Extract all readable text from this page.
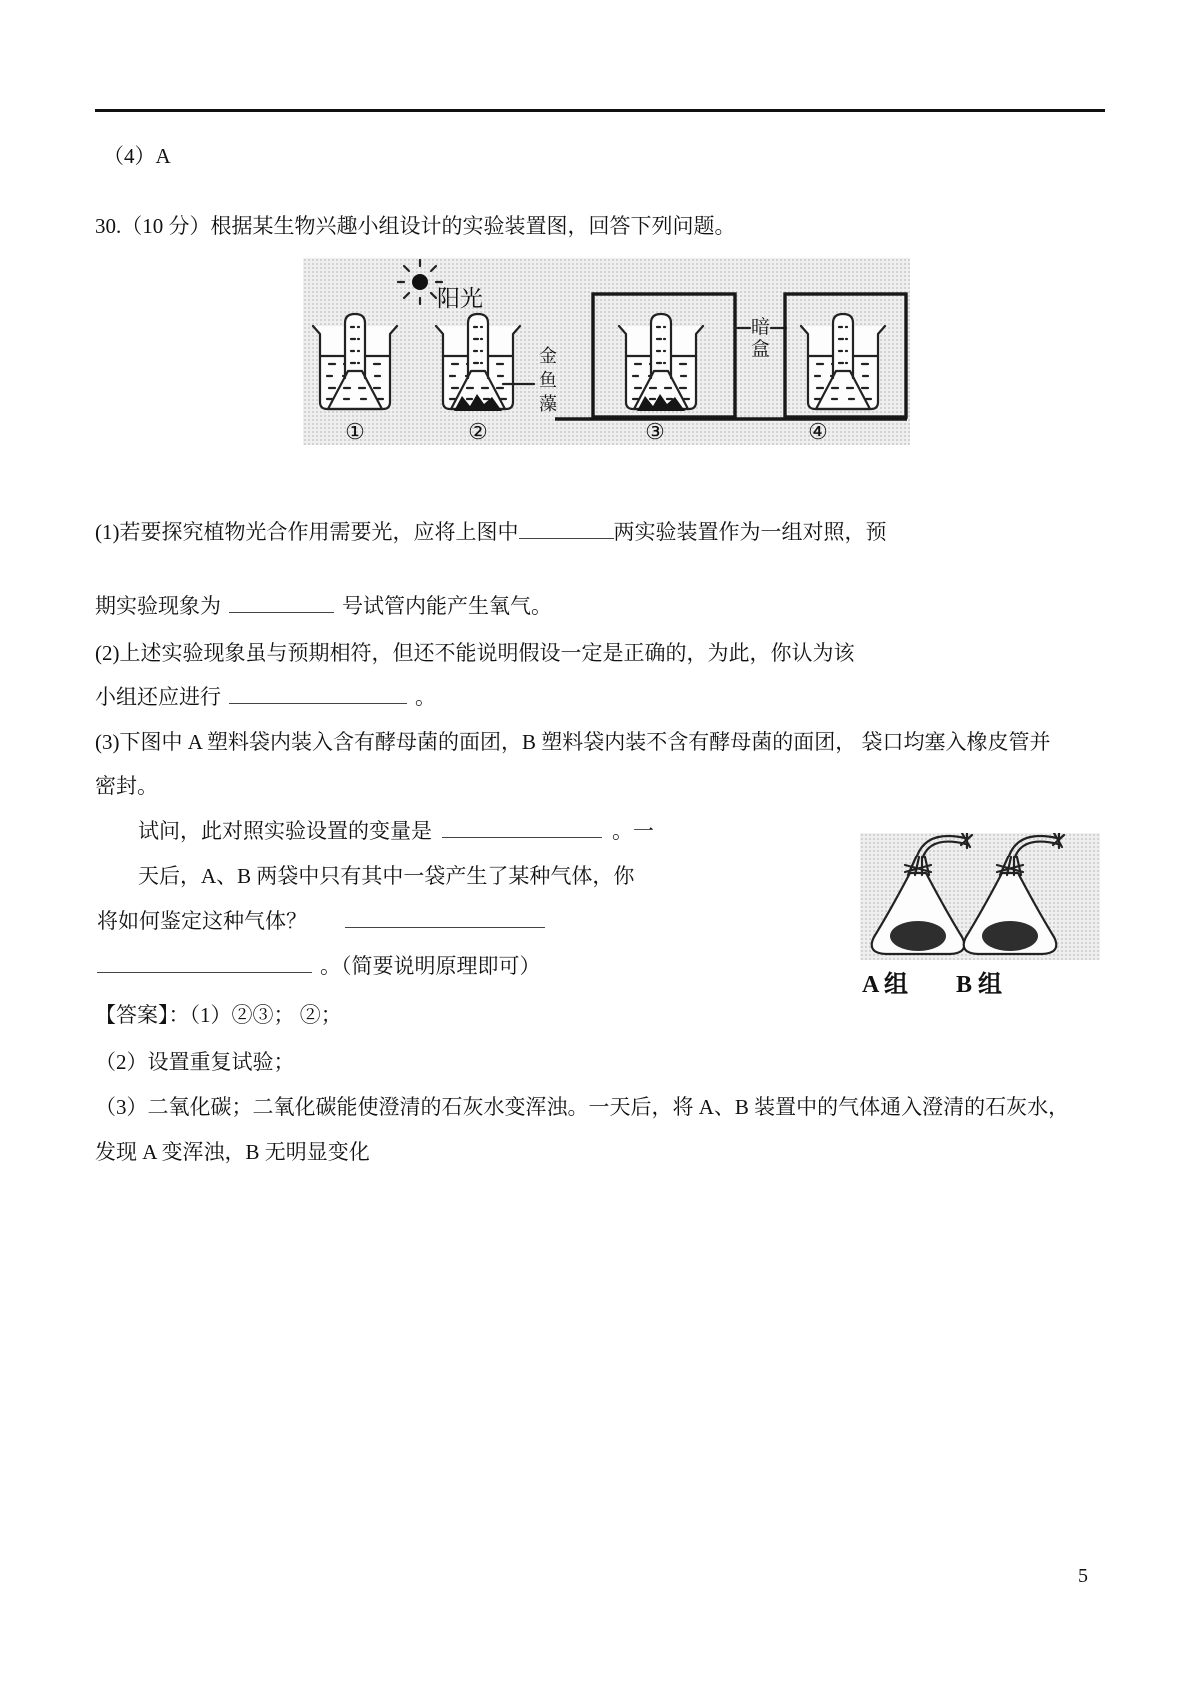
（4）A
30.（10 分）根据某生物兴趣小组设计的实验装置图，回答下列问题。
阳光
金
鱼
藻
暗
盒
①	②	③	④
(1)若要探究植物光合作用需要光，应将上图中	两实验装置作为一组对照，预
期实验现象为	号试管内能产生氧气。
(2)上述实验现象虽与预期相符，但还不能说明假设一定是正确的，为此，你认为该
小组还应进行	。
(3)下图中 A 塑料袋内装入含有酵母菌的面团，B 塑料袋内装不含有酵母菌的面团， 袋口均塞入橡皮管并
密封。
试问，此对照实验设置的变量是	。一
天后，A、B 两袋中只有其中一袋产生了某种气体，你
将如何鉴定这种气体？
。（简要说明原理即可）
A 组 B 组
【答案】：（1）②③； ②；
（2）设置重复试验；
（3）二氧化碳；二氧化碳能使澄清的石灰水变浑浊。一天后，将 A、B 装置中的气体通入澄清的石灰水，
发现 A 变浑浊，B 无明显变化
5
